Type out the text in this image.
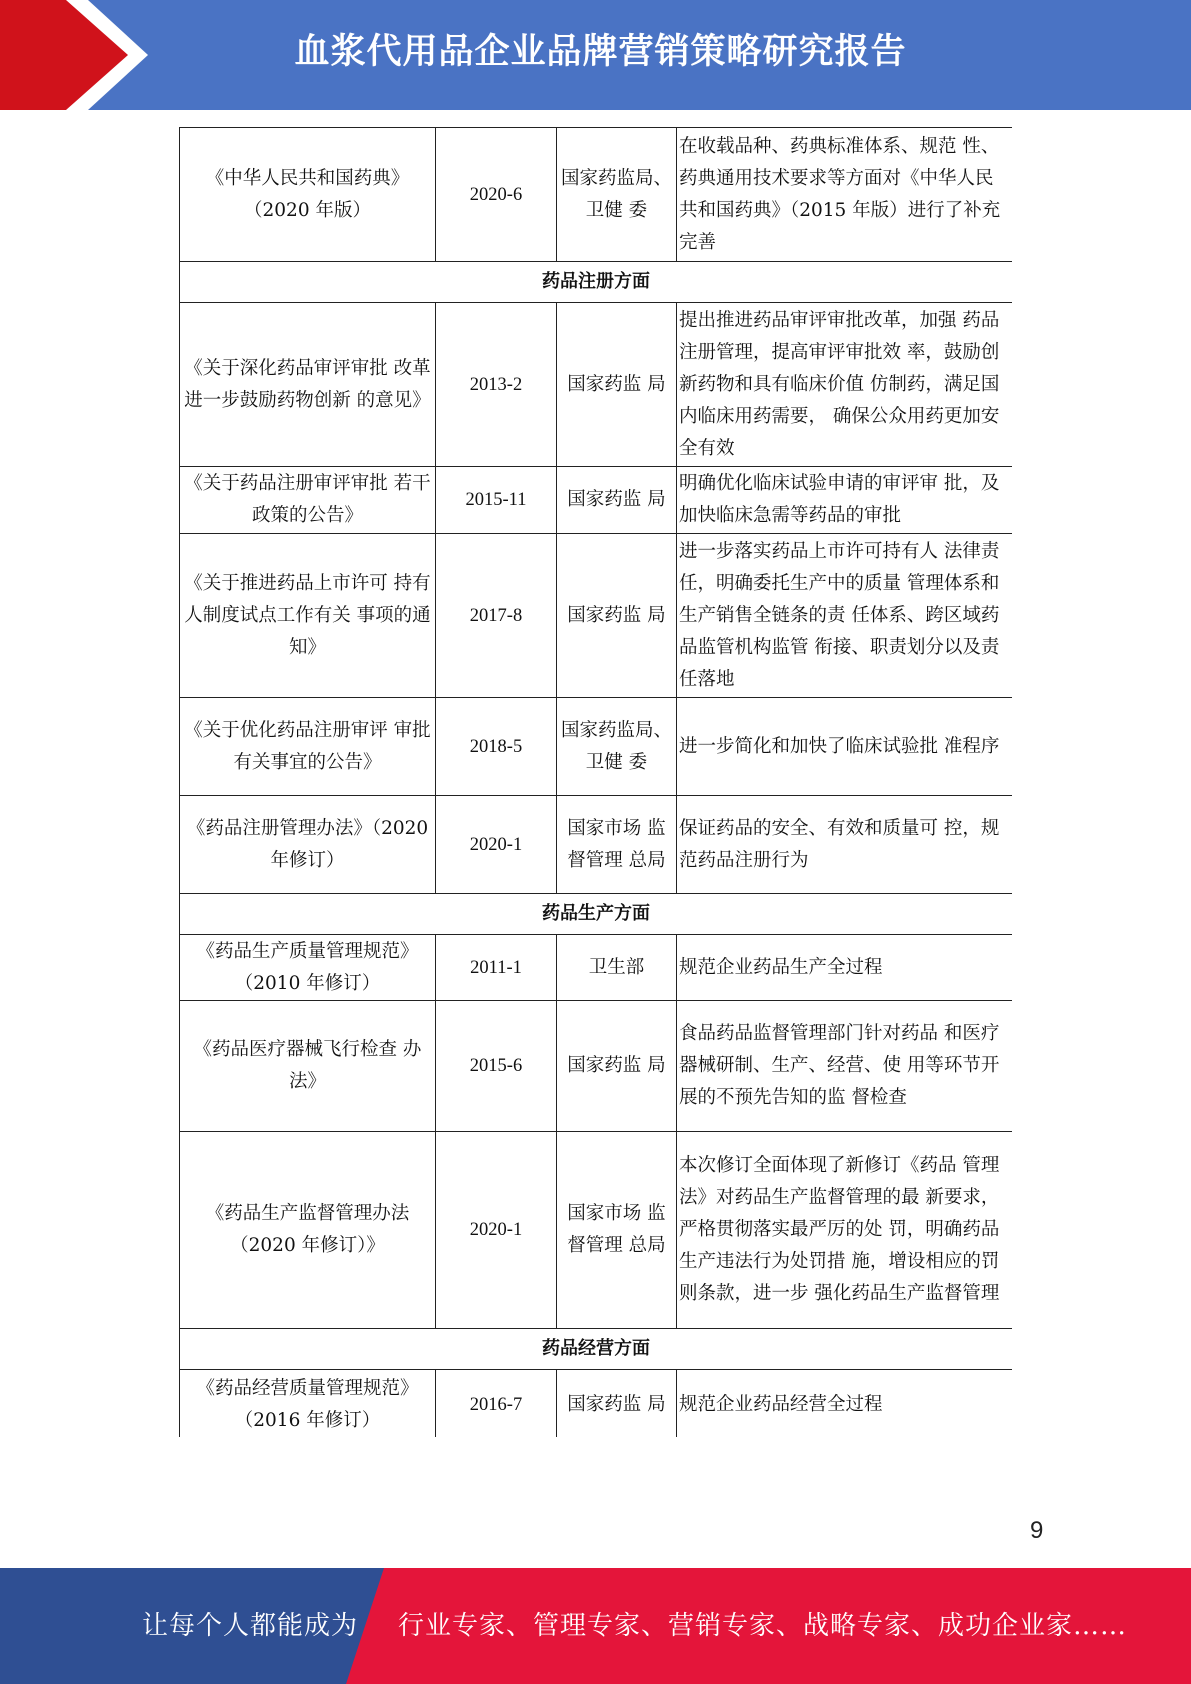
血浆代用品企业品牌营销策略研究报告
《中华人民共和国药典》（2020 年版）	2020-6	国家药监局、卫健 委	在收载品种、药典标准体系、规范 性、药典通用技术要求等方面对《中华人民共和国药典》（2015 年版）进行了补充完善
药品注册方面			
《关于深化药品审评审批 改革进一步鼓励药物创新 的意见》	2013-2	国家药监 局	提出推进药品审评审批改革，加强 药品注册管理，提高审评审批效 率，鼓励创新药物和具有临床价值 仿制药，满足国内临床用药需要， 确保公众用药更加安全有效
《关于药品注册审评审批 若干政策的公告》	2015-11	国家药监 局	明确优化临床试验申请的审评审 批，及加快临床急需等药品的审批
《关于推进药品上市许可 持有人制度试点工作有关 事项的通知》	2017-8	国家药监 局	进一步落实药品上市许可持有人 法律责任，明确委托生产中的质量 管理体系和生产销售全链条的责 任体系、跨区域药品监管机构监管 衔接、职责划分以及责任落地
《关于优化药品注册审评 审批有关事宜的公告》	2018-5	国家药监局、卫健 委	进一步简化和加快了临床试验批 准程序
《药品注册管理办法》（2020 年修订）	2020-1	国家市场 监督管理 总局	保证药品的安全、有效和质量可 控，规范药品注册行为
药品生产方面			
《药品生产质量管理规范》（2010 年修订）	2011-1	卫生部	规范企业药品生产全过程
《药品医疗器械飞行检查 办法》	2015-6	国家药监 局	食品药品监督管理部门针对药品 和医疗器械研制、生产、经营、使 用等环节开展的不预先告知的监 督检查
《药品生产监督管理办法（2020 年修订）》	2020-1	国家市场 监督管理 总局	本次修订全面体现了新修订《药品 管理法》对药品生产监督管理的最 新要求，严格贯彻落实最严厉的处 罚，明确药品生产违法行为处罚措 施，增设相应的罚则条款，进一步 强化药品生产监督管理
药品经营方面			
《药品经营质量管理规范》（2016 年修订）	2016-7	国家药监 局	规范企业药品经营全过程
9
让每个人都能成为 行业专家、管理专家、营销专家、战略专家、成功企业家……
